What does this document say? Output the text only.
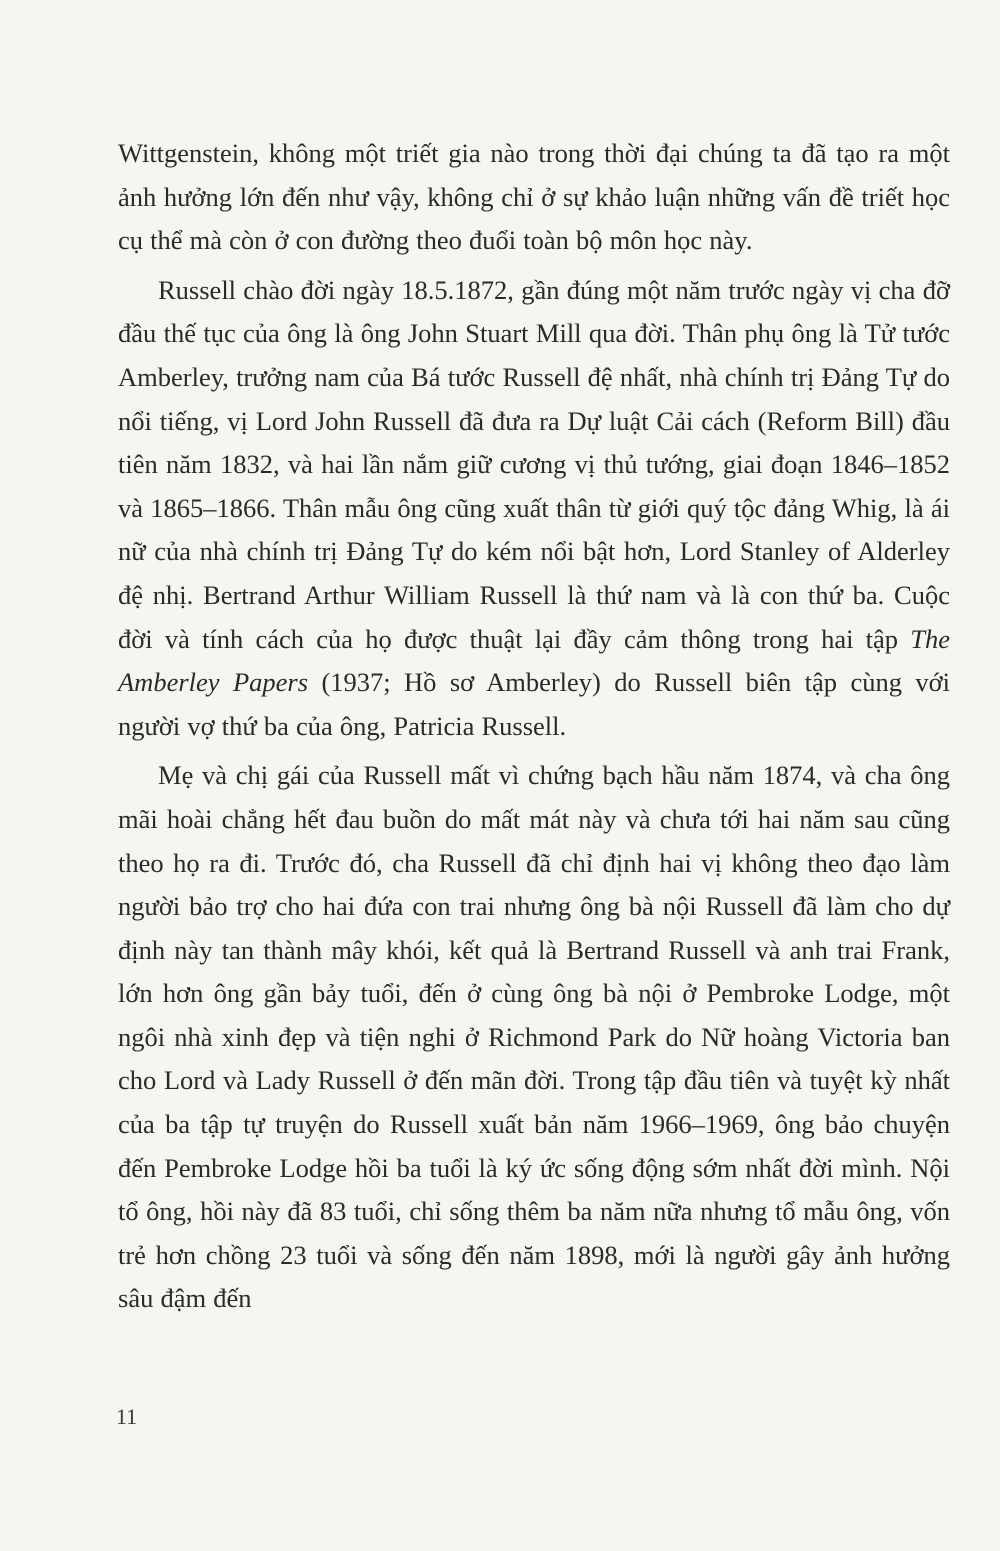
Wittgenstein, không một triết gia nào trong thời đại chúng ta đã tạo ra một ảnh hưởng lớn đến như vậy, không chỉ ở sự khảo luận những vấn đề triết học cụ thể mà còn ở con đường theo đuổi toàn bộ môn học này.

Russell chào đời ngày 18.5.1872, gần đúng một năm trước ngày vị cha đỡ đầu thế tục của ông là ông John Stuart Mill qua đời. Thân phụ ông là Tử tước Amberley, trưởng nam của Bá tước Russell đệ nhất, nhà chính trị Đảng Tự do nổi tiếng, vị Lord John Russell đã đưa ra Dự luật Cải cách (Reform Bill) đầu tiên năm 1832, và hai lần nắm giữ cương vị thủ tướng, giai đoạn 1846–1852 và 1865–1866. Thân mẫu ông cũng xuất thân từ giới quý tộc đảng Whig, là ái nữ của nhà chính trị Đảng Tự do kém nổi bật hơn, Lord Stanley of Alderley đệ nhị. Bertrand Arthur William Russell là thứ nam và là con thứ ba. Cuộc đời và tính cách của họ được thuật lại đầy cảm thông trong hai tập The Amberley Papers (1937; Hồ sơ Amberley) do Russell biên tập cùng với người vợ thứ ba của ông, Patricia Russell.

Mẹ và chị gái của Russell mất vì chứng bạch hầu năm 1874, và cha ông mãi hoài chẳng hết đau buồn do mất mát này và chưa tới hai năm sau cũng theo họ ra đi. Trước đó, cha Russell đã chỉ định hai vị không theo đạo làm người bảo trợ cho hai đứa con trai nhưng ông bà nội Russell đã làm cho dự định này tan thành mây khói, kết quả là Bertrand Russell và anh trai Frank, lớn hơn ông gần bảy tuổi, đến ở cùng ông bà nội ở Pembroke Lodge, một ngôi nhà xinh đẹp và tiện nghi ở Richmond Park do Nữ hoàng Victoria ban cho Lord và Lady Russell ở đến mãn đời. Trong tập đầu tiên và tuyệt kỳ nhất của ba tập tự truyện do Russell xuất bản năm 1966–1969, ông bảo chuyện đến Pembroke Lodge hồi ba tuổi là ký ức sống động sớm nhất đời mình. Nội tổ ông, hồi này đã 83 tuổi, chỉ sống thêm ba năm nữa nhưng tổ mẫu ông, vốn trẻ hơn chồng 23 tuổi và sống đến năm 1898, mới là người gây ảnh hưởng sâu đậm đến

11
